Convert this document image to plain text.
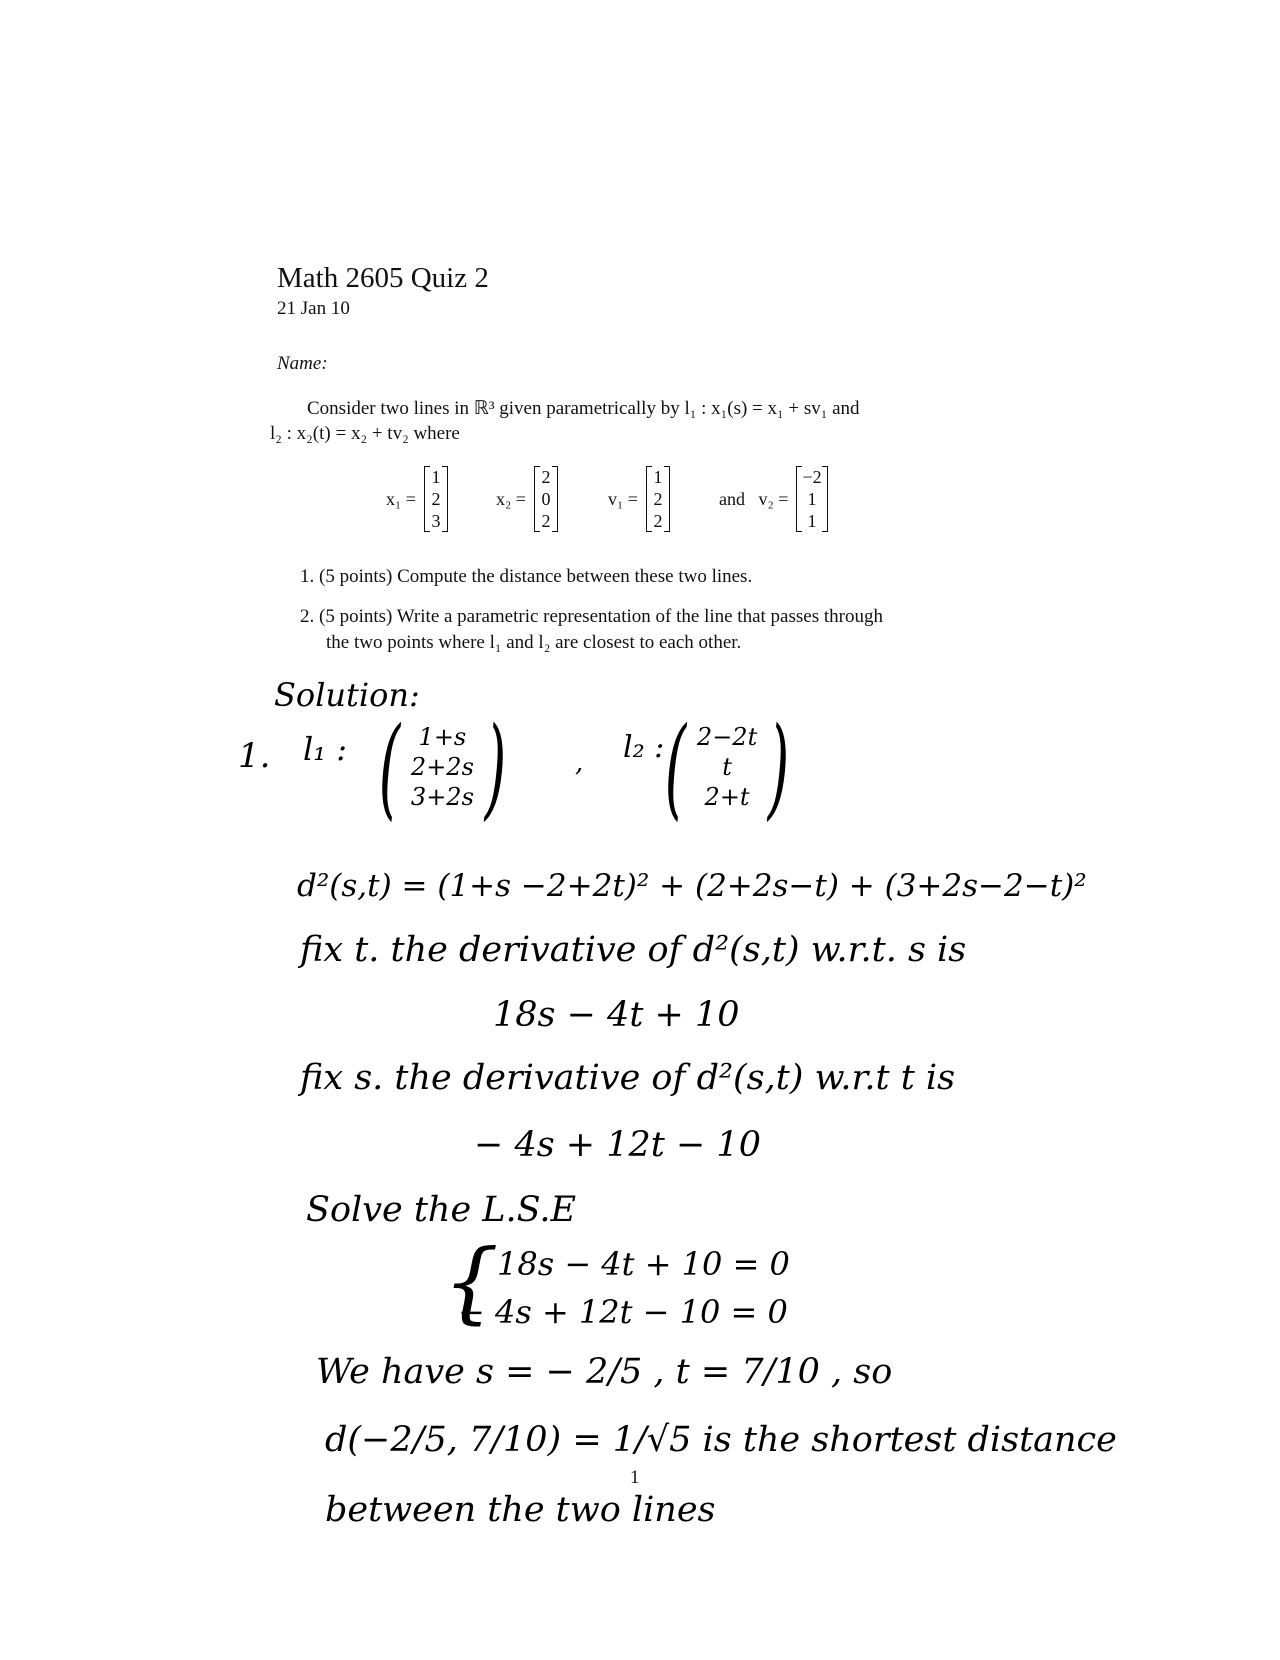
Math 2605 Quiz 2
21 Jan 10
Name:
Consider two lines in ℝ³ given parametrically by l₁ : x₁(s) = x₁ + sv₁ and
l₂ : x₂(t) = x₂ + tv₂ where
x₁ =
1
2
3
x₂ =
2
0
2
v₁ =
1
2
2
and   v₂ =
−2
1
1
1. (5 points) Compute the distance between these two lines.
2. (5 points) Write a parametric representation of the line that passes through
the two points where l₁ and l₂ are closest to each other.
Solution:
1. l₁ : ( 1+s
2+2s
3+2s )	, l₂ : ( 2−2t
t
2+t )
d²(s,t) = (1+s −2+2t)² + (2+2s−t) + (3+2s−2−t)²
fix t. the derivative of d²(s,t) w.r.t. s is
18s − 4t + 10
fix s. the derivative of d²(s,t) w.r.t t is
− 4s + 12t − 10
Solve the L.S.E
{
18s − 4t + 10 = 0
− 4s + 12t − 10 = 0
We have s = − 2/5 , t = 7/10 , so
d(−2/5, 7/10) = 1/√5 is the shortest distance
1
between the two lines
